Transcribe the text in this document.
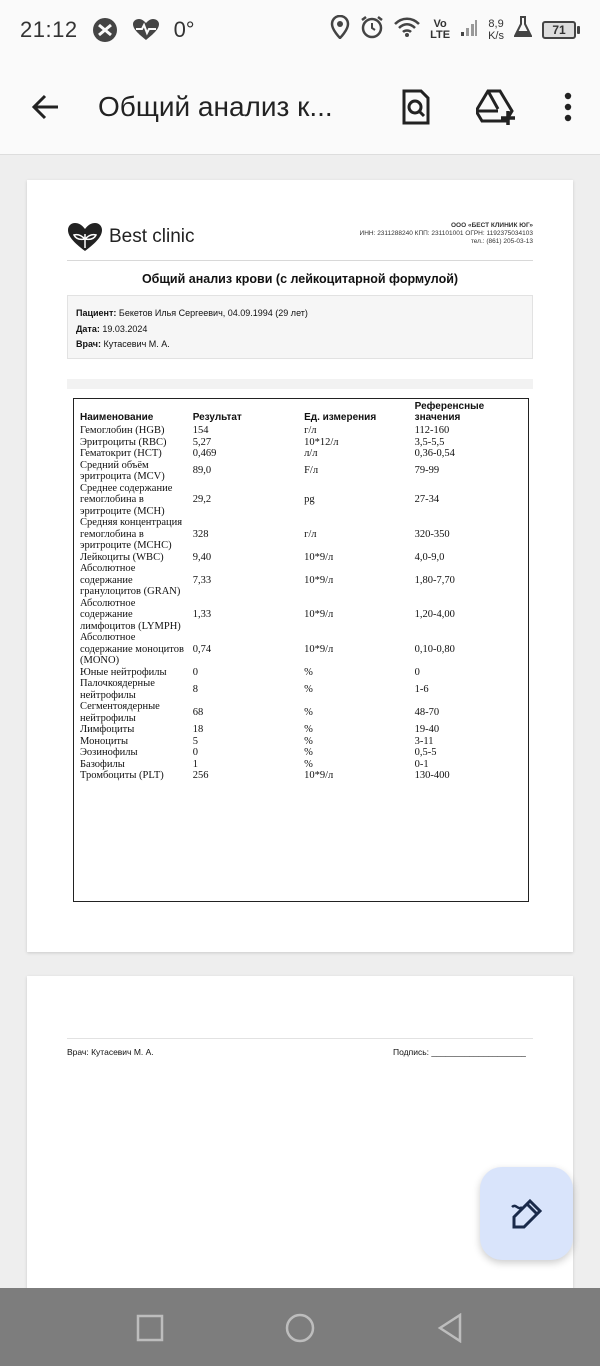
21:12	0°	Vo
LTE
8,9
K/s	71
Общий анализ к...
Best clinic
ООО «БЕСТ КЛИНИК ЮГ»
ИНН: 2311288240 КПП: 231101001 ОГРН: 1192375034103
тел.: (861) 205-03-13
Общий анализ крови (с лейкоцитарной формулой)
Пациент: Бекетов Илья Сергеевич, 04.09.1994 (29 лет)
Дата: 19.03.2024
Врач: Кутасевич М. А.
Наименование	Результат	Ед. измерения	Референсные значения
Гемоглобин (HGB)	154	г/л	112-160
Эритроциты (RBC)	5,27	10*12/л	3,5-5,5
Гематокрит (HCT)	0,469	л/л	0,36-0,54
Средний объём эритроцита (MCV)	89,0	F/л	79-99
Среднее содержание гемоглобина в эритроците (MCH)	29,2	pg	27-34
Средняя концентрация гемоглобина в эритроците (MCHC)	328	г/л	320-350
Лейкоциты (WBC)	9,40	10*9/л	4,0-9,0
Абсолютное содержание гранулоцитов (GRAN)	7,33	10*9/л	1,80-7,70
Абсолютное содержание лимфоцитов (LYMPH)	1,33	10*9/л	1,20-4,00
Абсолютное содержание моноцитов (MONO)	0,74	10*9/л	0,10-0,80
Юные нейтрофилы	0	%	0
Палочкоядерные нейтрофилы	8	%	1-6
Сегментоядерные нейтрофилы	68	%	48-70
Лимфоциты	18	%	19-40
Моноциты	5	%	3-11
Эозинофилы	0	%	0,5-5
Базофилы	1	%	0-1
Тромбоциты (PLT)	256	10*9/л	130-400
Врач: Кутасевич М. А.	Подпись: ____________________
